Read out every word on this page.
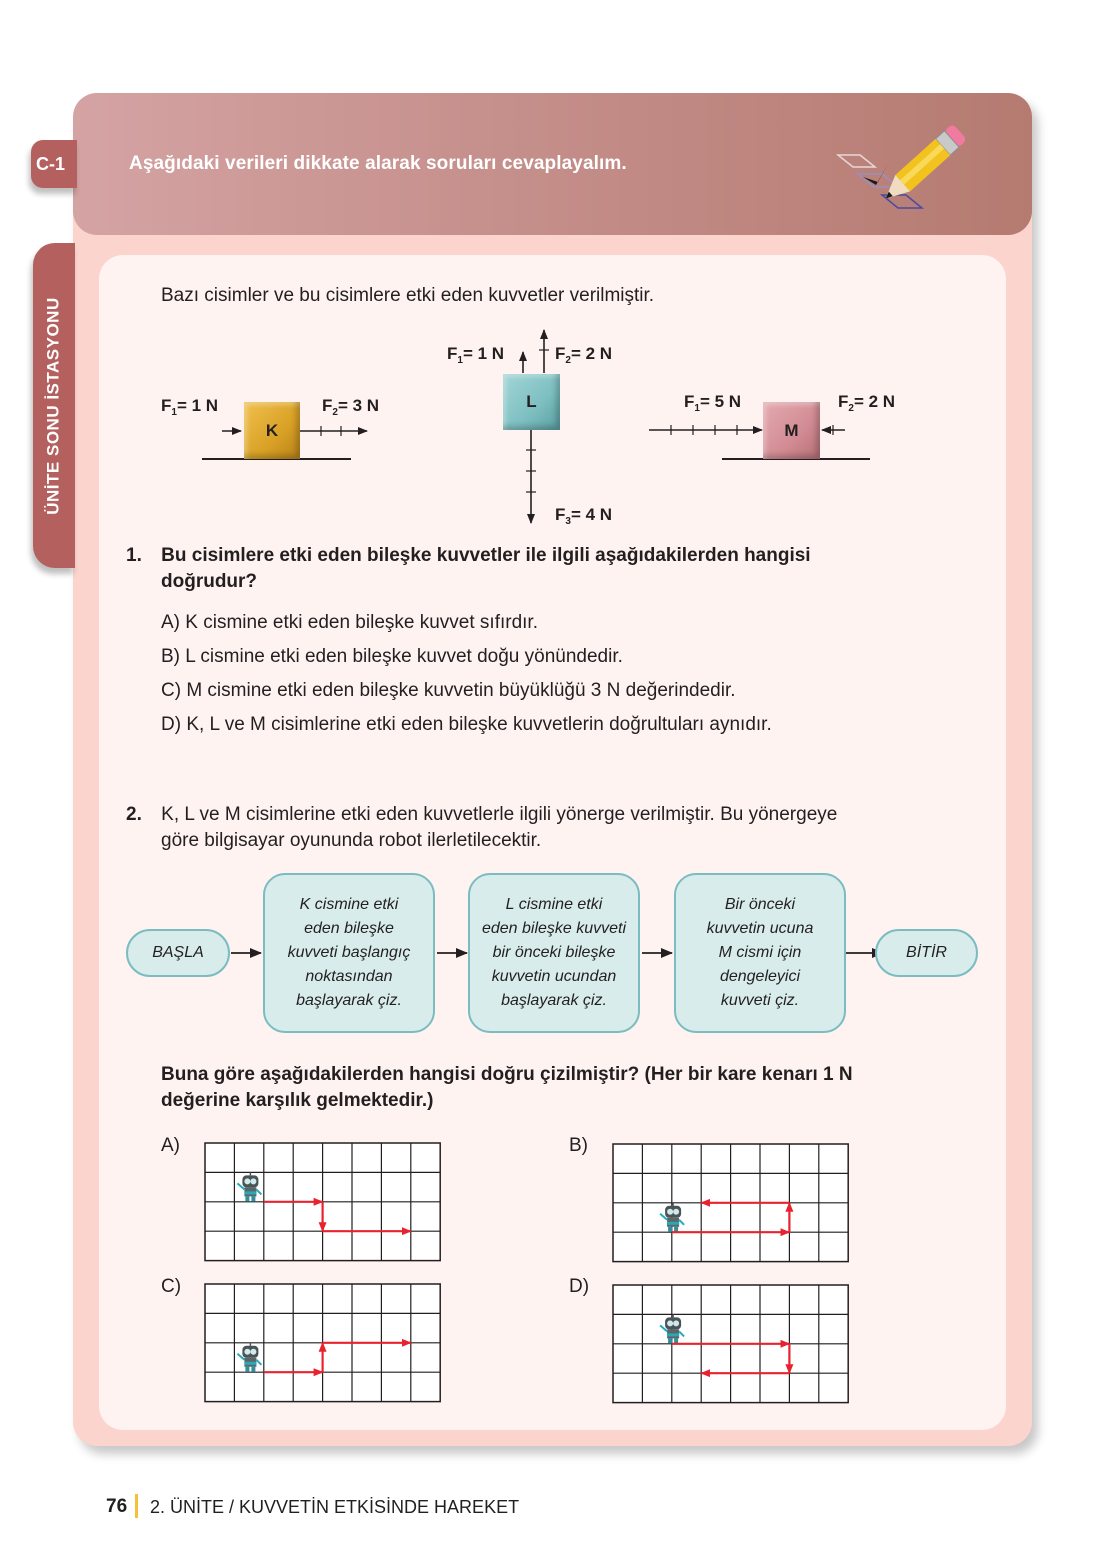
C-1	Aşağıdaki verileri dikkate alarak soruları cevaplayalım.
ÜNİTE SONU İSTASYONU
Bazı cisimler ve bu cisimlere etki eden kuvvetler verilmiştir.
K
L
M
$F_1= 1$ N	$F_2= 3$ N
$F_1= 1$ N	$F_2= 2$ N
$F_3= 4$ N
$F_1= 5$ N	$F_2= 2$ N
1. Bu cisimlere etki eden bileşke kuvvetler ile ilgili aşağıdakilerden hangisi
doğrudur?
A) K cismine etki eden bileşke kuvvet sıfırdır.
B) L cismine etki eden bileşke kuvvet doğu yönündedir.
C) M cismine etki eden bileşke kuvvetin büyüklüğü 3 N değerindedir.
D) K, L ve M cisimlerine etki eden bileşke kuvvetlerin doğrultuları aynıdır.
2. K, L ve M cisimlerine etki eden kuvvetlerle ilgili yönerge verilmiştir. Bu yönergeye
göre bilgisayar oyununda robot ilerletilecektir.
BAŞLA
K cismine etki
eden bileşke
kuvveti başlangıç
noktasından
başlayarak çiz.
L cismine etki
eden bileşke kuvveti
bir önceki bileşke
kuvvetin ucundan
başlayarak çiz.
Bir önceki
kuvvetin ucuna
M cismi için
dengeleyici
kuvveti çiz.
BİTİR
Buna göre aşağıdakilerden hangisi doğru çizilmiştir? (Her bir kare kenarı 1 N
değerine karşılık gelmektedir.)
A)	B)
C)	D)
76 2. ÜNİTE / KUVVETİN ETKİSİNDE HAREKET
